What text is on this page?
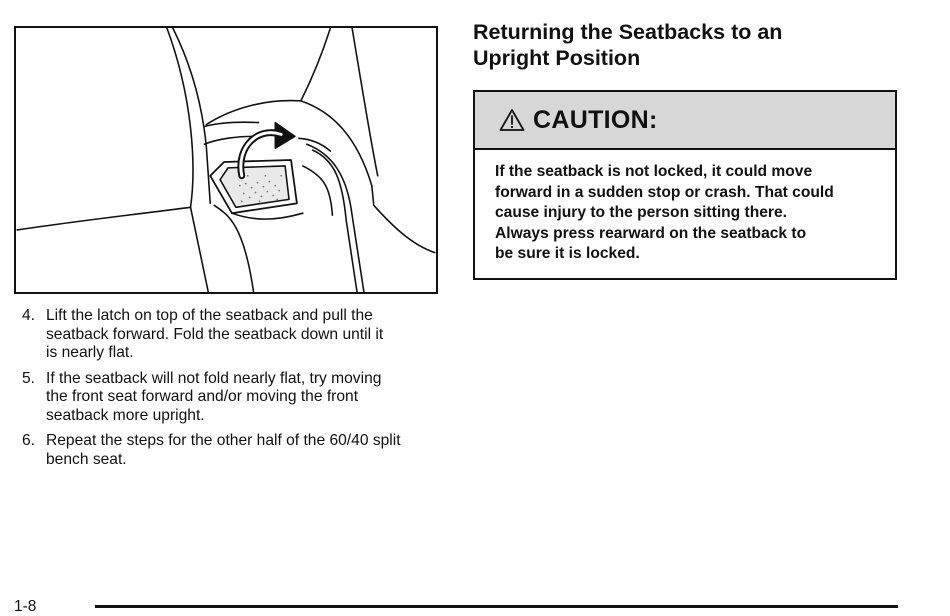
4. Lift the latch on top of the seatback and pull the
seatback forward. Fold the seatback down until it
is nearly flat.
5. If the seatback will not fold nearly flat, try moving
the front seat forward and/or moving the front
seatback more upright.
6. Repeat the steps for the other half of the 60/40 split
bench seat.
Returning the Seatbacks to an
Upright Position
CAUTION:

If the seatback is not locked, it could move
forward in a sudden stop or crash. That could
cause injury to the person sitting there.
Always press rearward on the seatback to
be sure it is locked.

1-8
